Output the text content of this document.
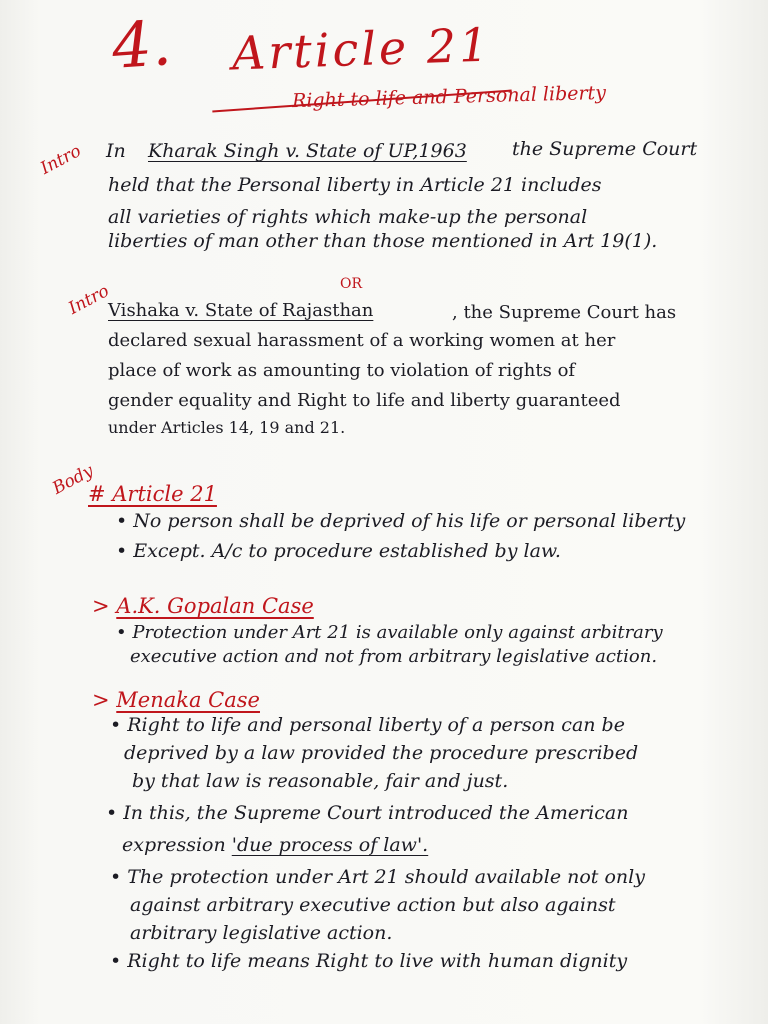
4. Article 21
Right to life and Personal liberty
Intro In Kharak Singh v. State of UP,1963 the Supreme Court
held that the Personal liberty in Article 21 includes
all varieties of rights which make-up the personal
liberties of man other than those mentioned in Art 19(1).
OR
Intro
Vishaka v. State of Rajasthan	, the Supreme Court has
declared sexual harassment of a working women at her
place of work as amounting to violation of rights of
gender equality and Right to life and liberty guaranteed
under Articles 14, 19 and 21.
Body
# Article 21
• No person shall be deprived of his life or personal liberty
• Except. A/c to procedure established by law.
> A.K. Gopalan Case
• Protection under Art 21 is available only against arbitrary
executive action and not from arbitrary legislative action.
> Menaka Case
• Right to life and personal liberty of a person can be
deprived by a law provided the procedure prescribed
by that law is reasonable, fair and just.
• In this, the Supreme Court introduced the American
expression 'due process of law'.
• The protection under Art 21 should available not only
against arbitrary executive action but also against
arbitrary legislative action.
• Right to life means Right to live with human dignity
